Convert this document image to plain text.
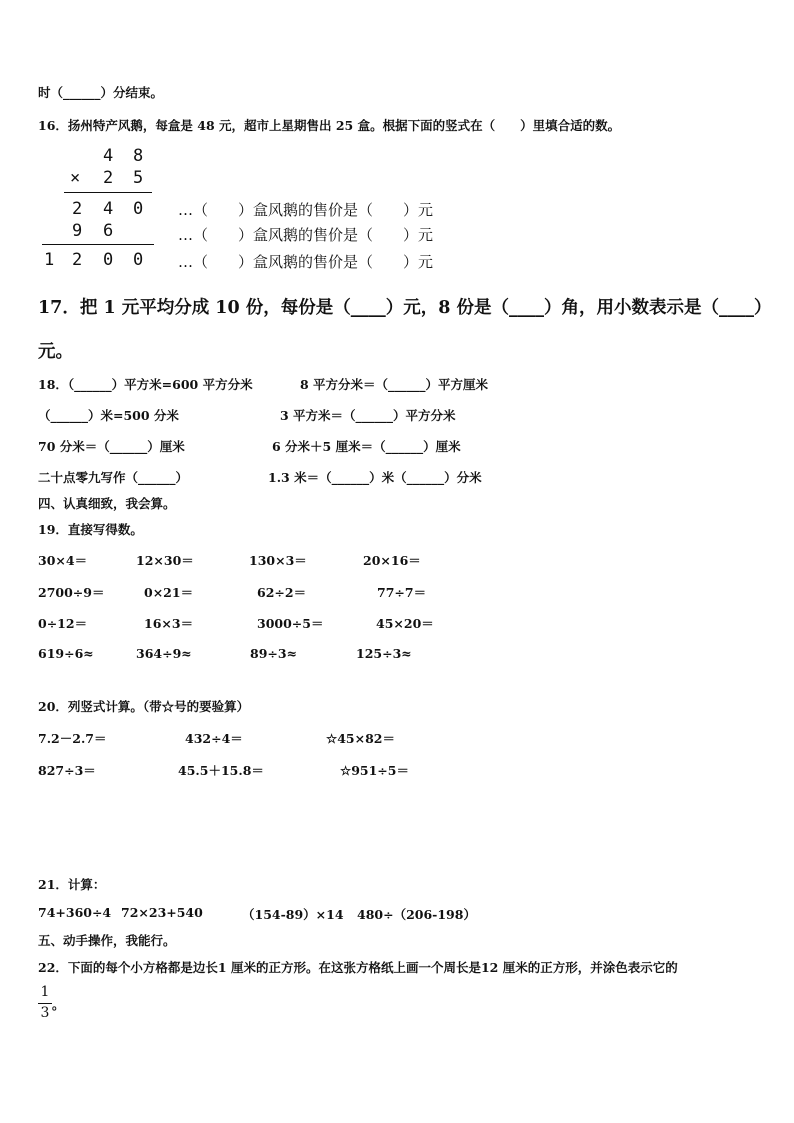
时（______）分结束。
16．扬州特产风鹅，每盒是 48 元，超市上星期售出 25 盒。根据下面的竖式在（　　）里填合适的数。
4 8
× 2 5
2 4 0
9 6
1 2 0 0
…（　　）盒风鹅的售价是（　　）元
…（　　）盒风鹅的售价是（　　）元
…（　　）盒风鹅的售价是（　　）元
17．把 1 元平均分成 10 份，每份是（____）元，8 份是（____）角，用小数表示是（____）
元。
18．（______）平方米=600 平方分米	8 平方分米＝（______）平方厘米
（______）米=500 分米	3 平方米＝（______）平方分米
70 分米＝（______）厘米	6 分米＋5 厘米＝（______）厘米
二十点零九写作（______）	1.3 米＝（______）米（______）分米
四、认真细致，我会算。
19．直接写得数。
30×4＝	12×30＝	130×3＝	20×16＝
2700÷9＝	0×21＝	62÷2＝	77÷7＝
0÷12＝	16×3＝	3000÷5＝	45×20＝
619÷6≈	364÷9≈	89÷3≈	125÷3≈
20．列竖式计算。（带☆号的要验算）
7.2－2.7＝	432÷4＝	☆45×82＝
827÷3＝	45.5＋15.8＝	☆951÷5＝
21．计算：
74+360÷4 72×23+540	（154-89）×14 480÷（206-198）
五、动手操作，我能行。
22．下面的每个小方格都是边长1 厘米的正方形。在这张方格纸上画一个周长是12 厘米的正方形，并涂色表示它的
1
3
。
